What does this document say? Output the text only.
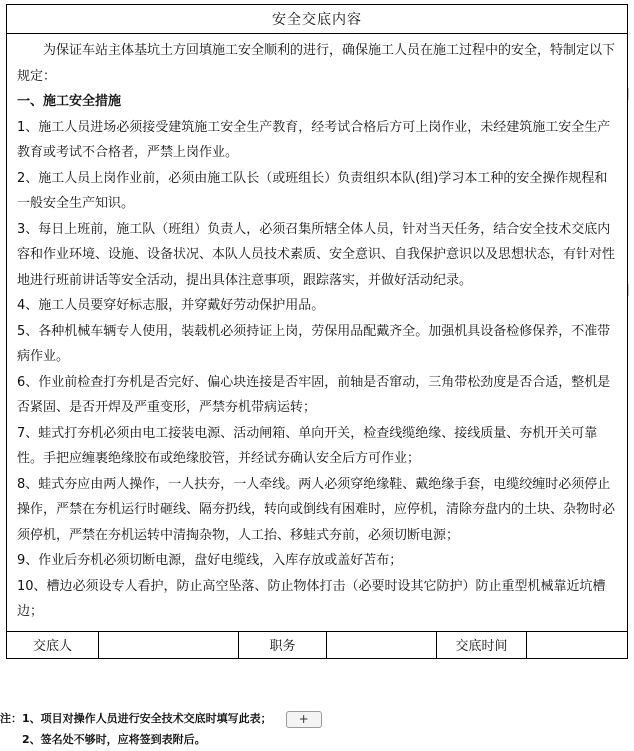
安全交底内容

为保证车站主体基坑土方回填施工安全顺利的进行，确保施工人员在施工过程中的安全，特制定以下规定：

一、施工安全措施

1、施工人员进场必须接受建筑施工安全生产教育，经考试合格后方可上岗作业，未经建筑施工安全生产教育或考试不合格者，严禁上岗作业。

2、施工人员上岗作业前，必须由施工队长（或班组长）负责组织本队(组)学习本工种的安全操作规程和一般安全生产知识。

3、每日上班前，施工队（班组）负责人，必须召集所辖全体人员，针对当天任务，结合安全技术交底内容和作业环境、设施、设备状况、本队人员技术素质、安全意识、自我保护意识以及思想状态，有针对性地进行班前讲话等安全活动，提出具体注意事项，跟踪落实，并做好活动纪录。

4、施工人员要穿好标志服，并穿戴好劳动保护用品。

5、各种机械车辆专人使用，装载机必须持证上岗，劳保用品配戴齐全。加强机具设备检修保养，不准带病作业。

6、作业前检查打夯机是否完好、偏心块连接是否牢固，前轴是否窜动，三角带松劲度是否合适，整机是否紧固、是否开焊及严重变形，严禁夯机带病运转；

7、蛙式打夯机必须由电工接装电源、活动闸箱、单向开关，检查线缆绝缘、接线质量、夯机开关可靠性。手把应缠裹绝缘胶布或绝缘胶管，并经试夯确认安全后方可作业；

8、蛙式夯应由两人操作，一人扶夯，一人牵线。两人必须穿绝缘鞋、戴绝缘手套，电缆绞缠时必须停止操作，严禁在夯机运行时砸线、隔夯扔线，转向或倒线有困难时，应停机，清除夯盘内的土块、杂物时必须停机，严禁在夯机运转中清掏杂物，人工抬、移蛙式夯前，必须切断电源；

9、作业后夯机必须切断电源，盘好电缆线，入库存放或盖好苫布；

10、槽边必须设专人看护，防止高空坠落、防止物体打击（必要时设其它防护）防止重型机械靠近坑槽边；

交底人	职务	交底时间
注：1、项目对操作人员进行安全技术交底时填写此表； +
2、签名处不够时，应将签到表附后。
